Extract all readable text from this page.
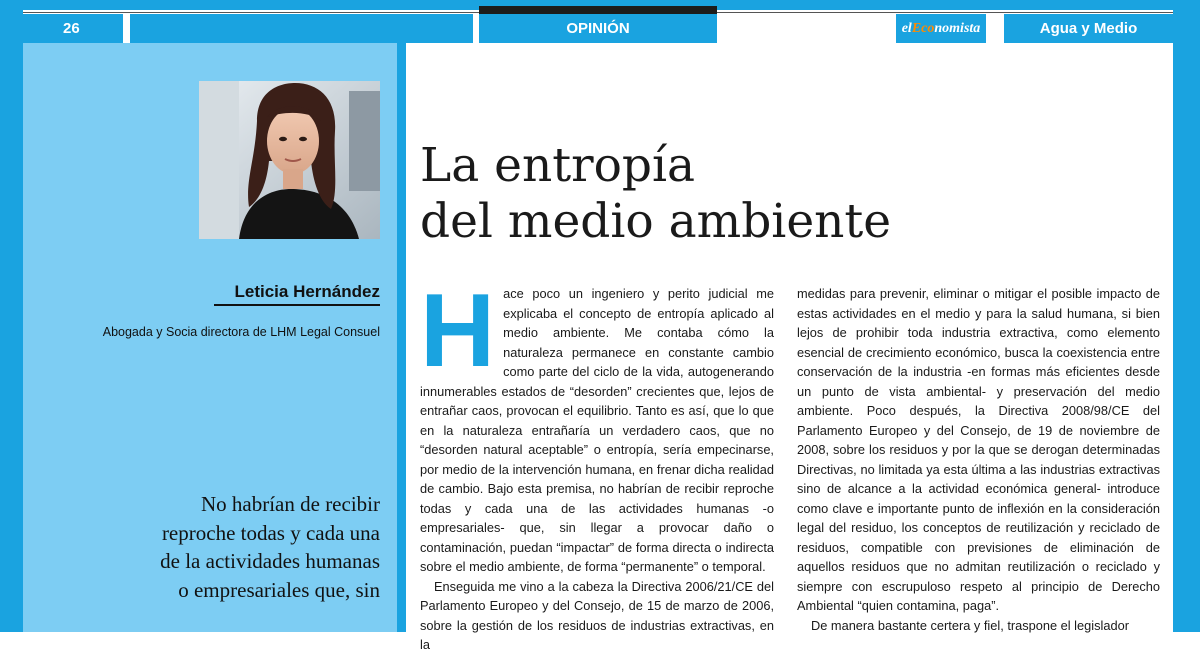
26	OPINIÓN	elEconomista	Agua y Medio Ambiente
Leticia Hernández
Abogada y Socia directora de LHM Legal Consuel

No habrían de recibir reproche todas y cada una de la actividades humanas o empresariales que, sin

La entropía
del medio ambiente

Hace poco un ingeniero y perito judicial me explicaba el concepto de entropía aplicado al medio ambiente. Me contaba cómo la naturaleza permanece en constante cambio como parte del ciclo de la vida, autogenerando innumerables estados de “desorden” crecientes que, lejos de entrañar caos, provocan el equilibrio. Tanto es así, que lo que en la naturaleza entrañaría un verdadero caos, que no “desorden natural aceptable” o entropía, sería empecinarse, por medio de la intervención humana, en frenar dicha realidad de cambio. Bajo esta premisa, no habrían de recibir reproche todas y cada una de las actividades humanas -o empresariales- que, sin llegar a provocar daño o contaminación, puedan “impactar” de forma directa o indirecta sobre el medio ambiente, de forma “permanente” o temporal.

Enseguida me vino a la cabeza la Directiva 2006/21/CE del Parlamento Europeo y del Consejo, de 15 de marzo de 2006, sobre la gestión de los residuos de industrias extractivas, en la

medidas para prevenir, eliminar o mitigar el posible impacto de estas actividades en el medio y para la salud humana, si bien lejos de prohibir toda industria extractiva, como elemento esencial de crecimiento económico, busca la coexistencia entre conservación de la industria -en formas más eficientes desde un punto de vista ambiental- y preservación del medio ambiente. Poco después, la Directiva 2008/98/CE del Parlamento Europeo y del Consejo, de 19 de noviembre de 2008, sobre los residuos y por la que se derogan determinadas Directivas, no limitada ya esta última a las industrias extractivas sino de alcance a la actividad económica general- introduce como clave e importante punto de inflexión en la consideración legal del residuo, los conceptos de reutilización y reciclado de residuos, compatible con previsiones de eliminación de aquellos residuos que no admitan reutilización o reciclado y siempre con escrupuloso respeto al principio de Derecho Ambiental “quien contamina, paga”.

De manera bastante certera y fiel, traspone el legislador
